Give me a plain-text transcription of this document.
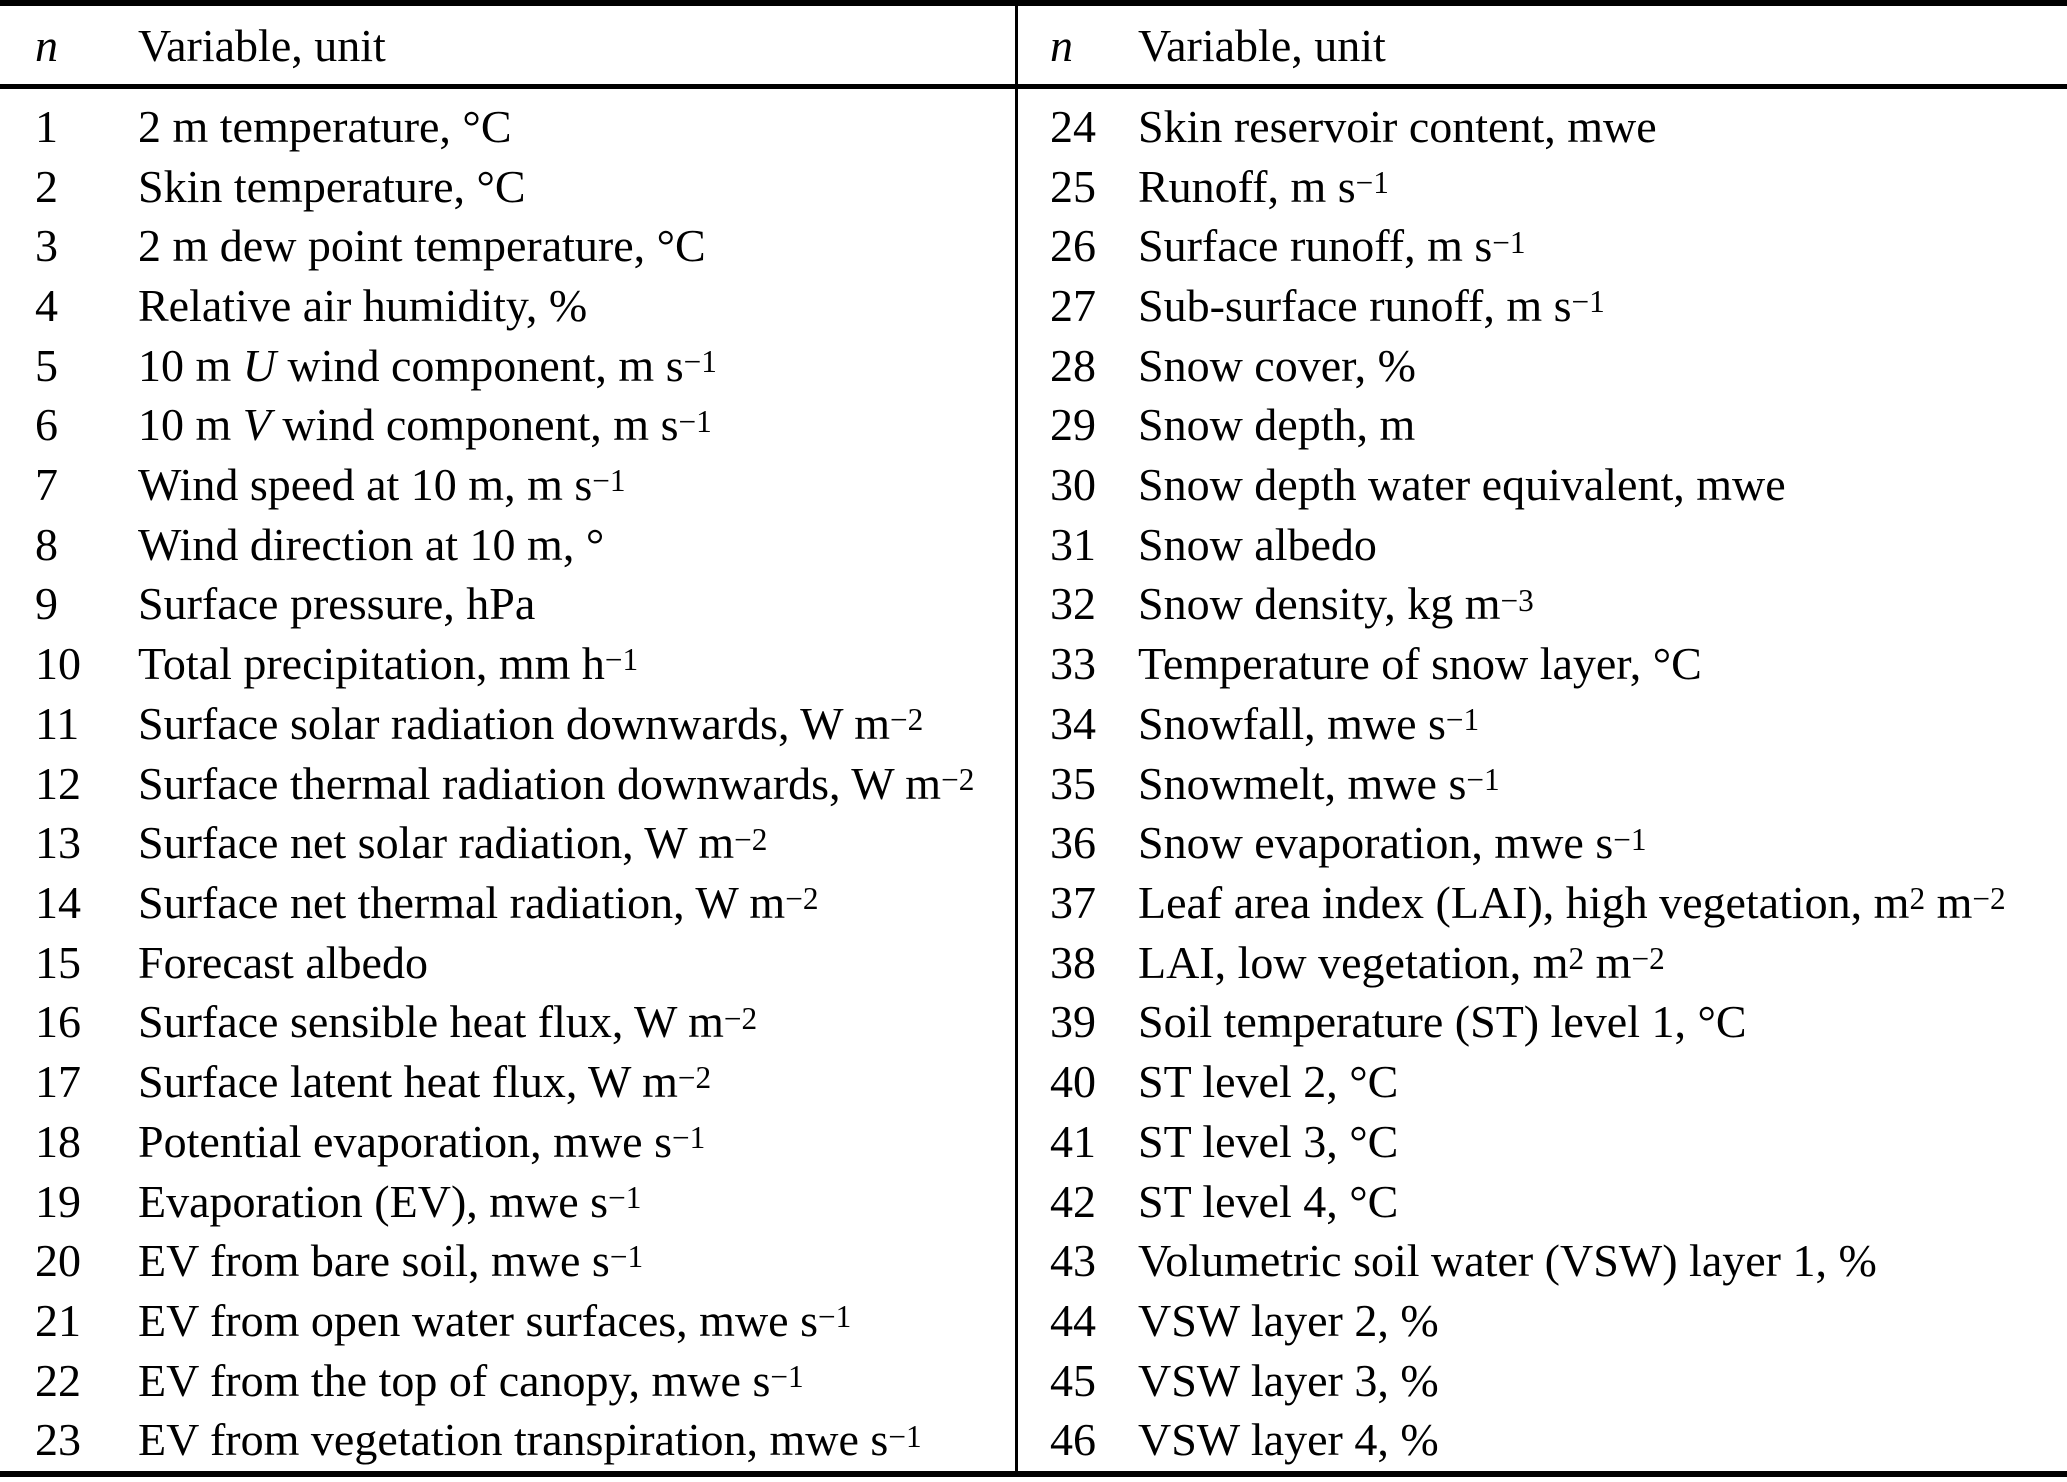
n	Variable, unit
1	2 m temperature, °C
2	Skin temperature, °C
3	2 m dew point temperature, °C
4	Relative air humidity, %
5	10 m U wind component, m $s^{-1}$
6	10 m V wind component, m $s^{-1}$
7	Wind speed at 10 m, m $s^{-1}$
8	Wind direction at 10 m, °
9	Surface pressure, hPa
10	Total precipitation, mm $h^{-1}$
11	Surface solar radiation downwards, W $m^{-2}$
12	Surface thermal radiation downwards, W $m^{-2}$
13	Surface net solar radiation, W $m^{-2}$
14	Surface net thermal radiation, W $m^{-2}$
15	Forecast albedo
16	Surface sensible heat flux, W $m^{-2}$
17	Surface latent heat flux, W $m^{-2}$
18	Potential evaporation, mwe $s^{-1}$
19	Evaporation (EV), mwe $s^{-1}$
20	EV from bare soil, mwe $s^{-1}$
21	EV from open water surfaces, mwe $s^{-1}$
22	EV from the top of canopy, mwe $s^{-1}$
23	EV from vegetation transpiration, mwe $s^{-1}$
n	Variable, unit
24 Skin reservoir content, mwe
25 Runoff, m $s^{-1}$
26 Surface runoff, m $s^{-1}$
27 Sub-surface runoff, m $s^{-1}$
28 Snow cover, %
29 Snow depth, m
30 Snow depth water equivalent, mwe
31 Snow albedo
32 Snow density, kg $m^{-3}$
33 Temperature of snow layer, °C
34 Snowfall, mwe $s^{-1}$
35 Snowmelt, mwe $s^{-1}$
36 Snow evaporation, mwe $s^{-1}$
37 Leaf area index (LAI), high vegetation, $m^2$ $m^{-2}$
38 LAI, low vegetation, $m^2$ $m^{-2}$
39 Soil temperature (ST) level 1, °C
40 ST level 2, °C
41 ST level 3, °C
42 ST level 4, °C
43 Volumetric soil water (VSW) layer 1, %
44 VSW layer 2, %
45 VSW layer 3, %
46 VSW layer 4, %
